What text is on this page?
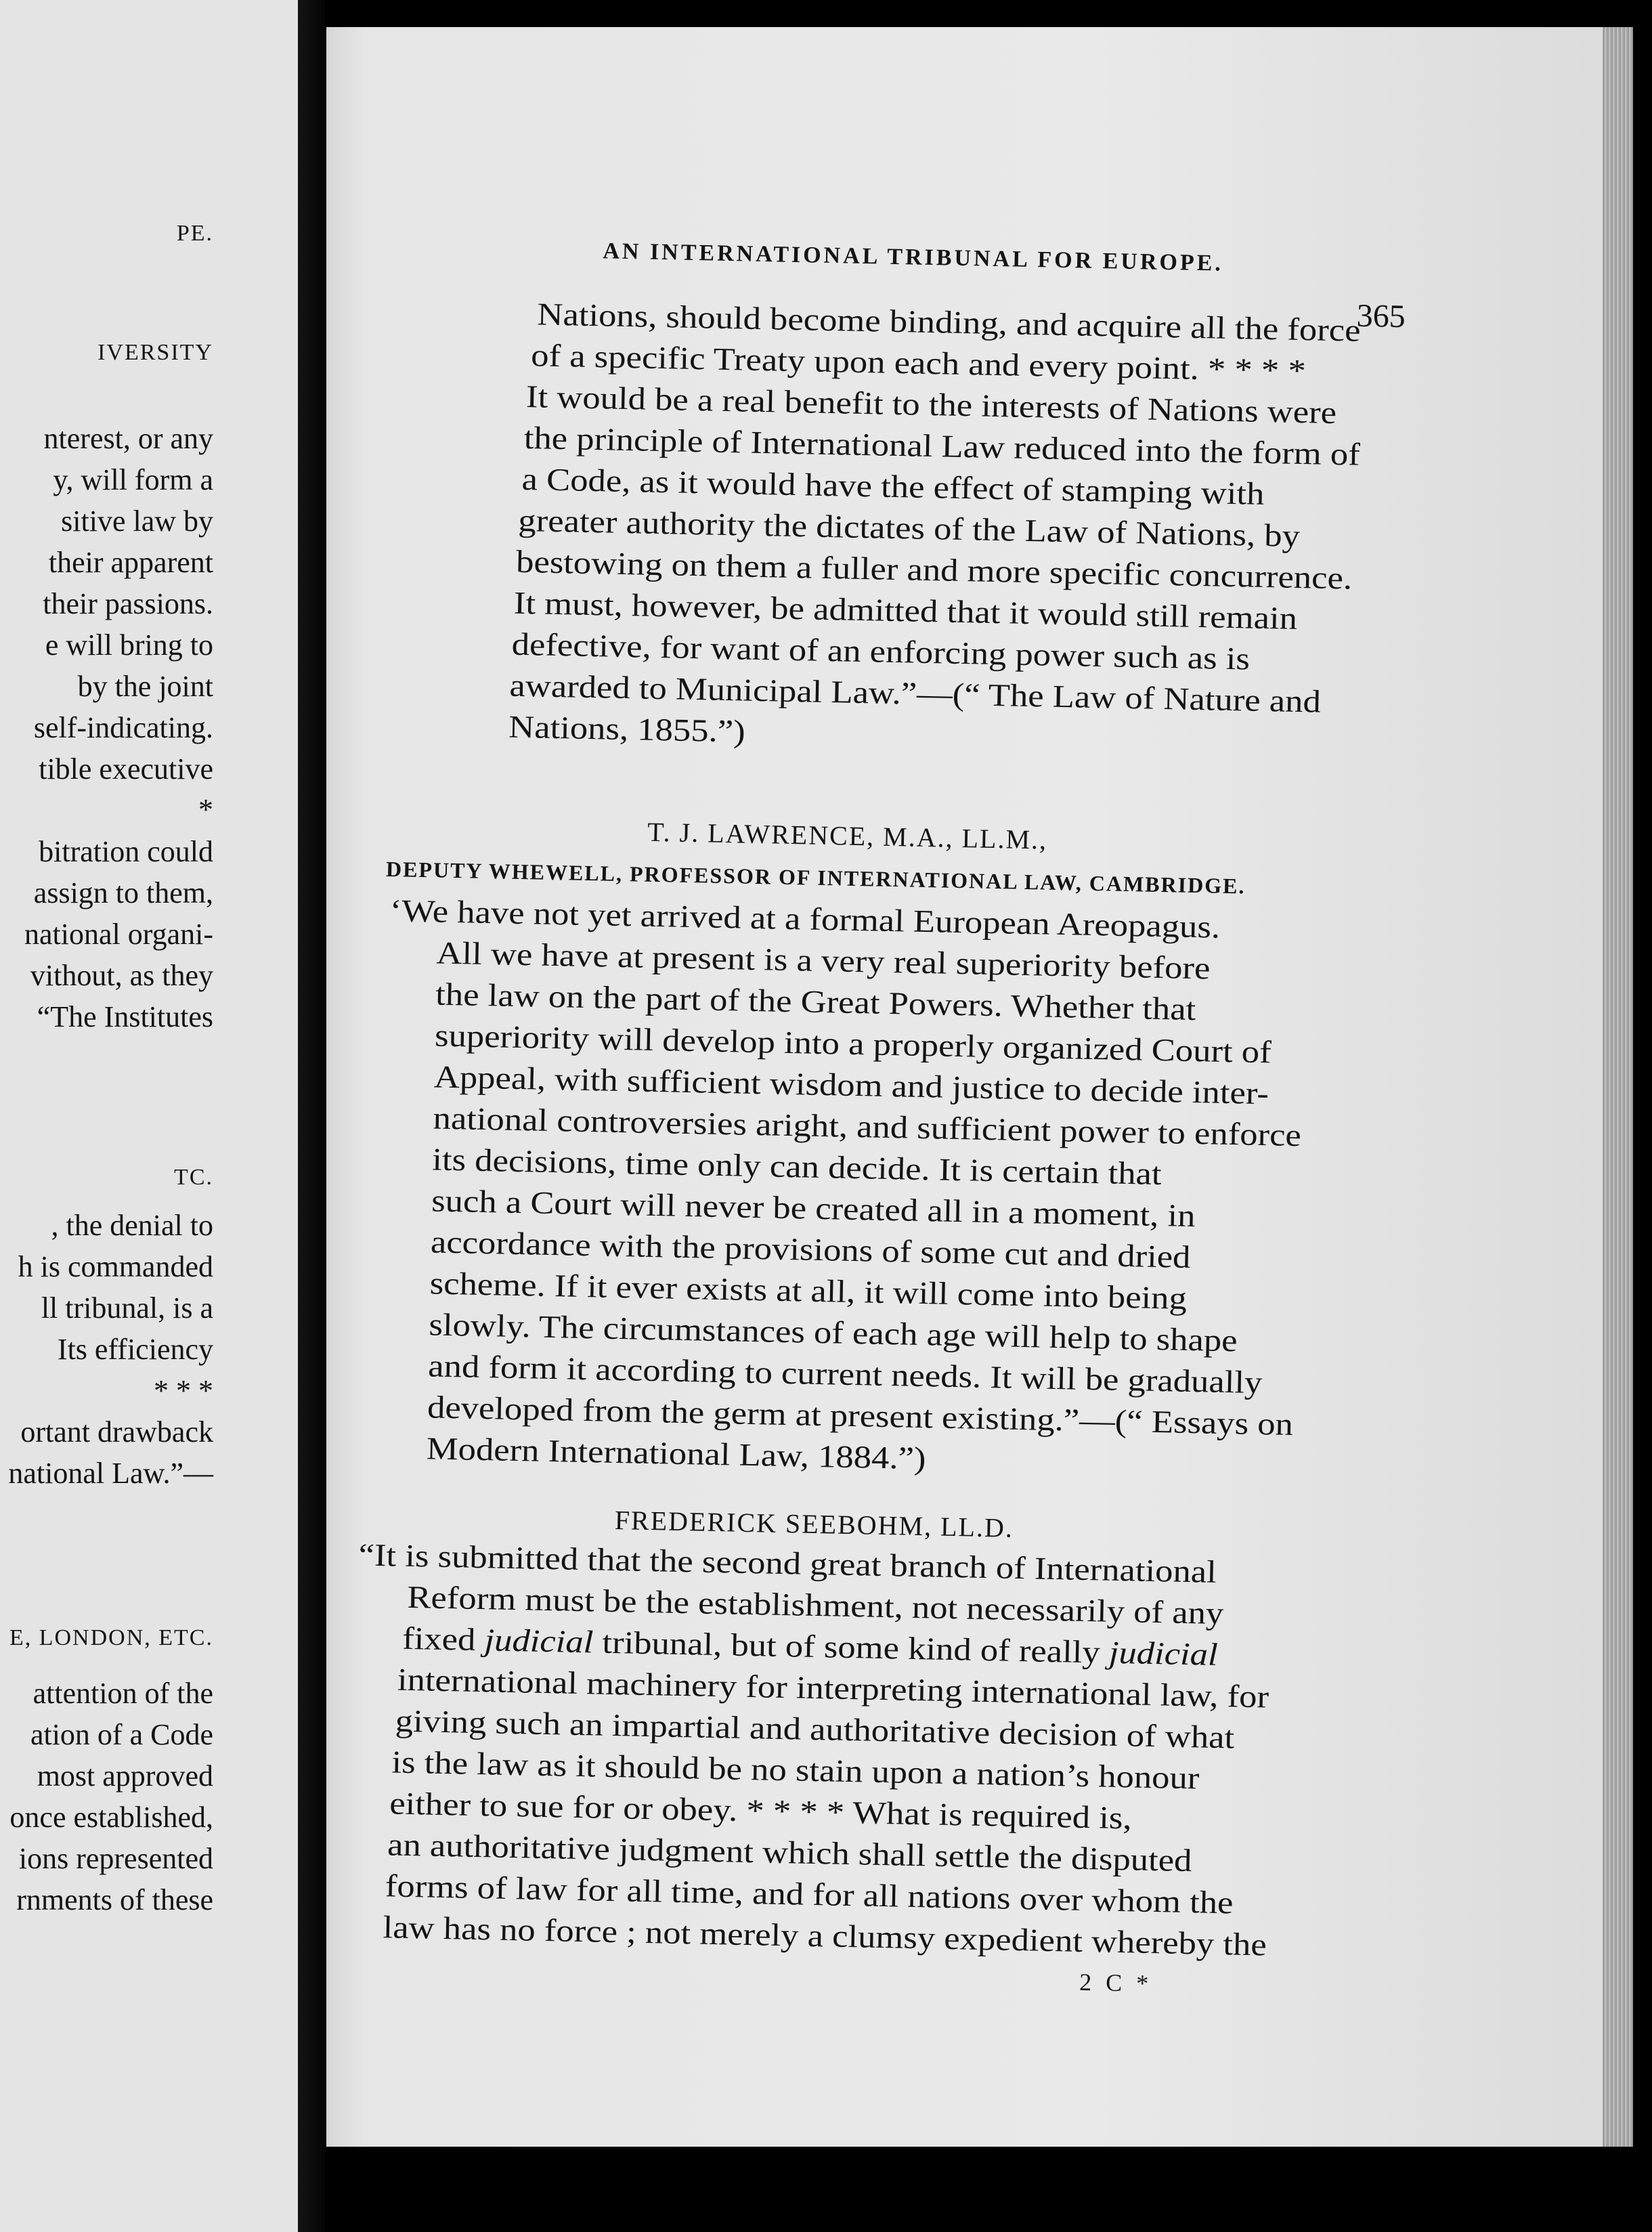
PE.
IVERSITY
nterest, or any
y, will form a
sitive law by
their apparent
their passions.
e will bring to
by the joint
self-indicating.
tible executive
*
bitration could
assign to them,
national organi-
vithout, as they
“The Institutes
TC.
, the denial to
h is commanded
ll tribunal, is a
Its efficiency
* * *
ortant drawback
national Law.”—
E, LONDON, ETC.
attention of the
ation of a Code
most approved
once established,
ions represented
rnments of these
AN INTERNATIONAL TRIBUNAL FOR EUROPE.
365
Nations, should become binding, and acquire all the force
of a specific Treaty upon each and every point. * * * *
It would be a real benefit to the interests of Nations were
the principle of International Law reduced into the form of
a Code, as it would have the effect of stamping with
greater authority the dictates of the Law of Nations, by
bestowing on them a fuller and more specific concurrence.
It must, however, be admitted that it would still remain
defective, for want of an enforcing power such as is
awarded to Municipal Law.”—(“ The Law of Nature and
Nations, 1855.”)
T. J. LAWRENCE, M.A., LL.M.,
DEPUTY WHEWELL, PROFESSOR OF INTERNATIONAL LAW, CAMBRIDGE.
‘We have not yet arrived at a formal European Areopagus.
All we have at present is a very real superiority before
the law on the part of the Great Powers. Whether that
superiority will develop into a properly organized Court of
Appeal, with sufficient wisdom and justice to decide inter-
national controversies aright, and sufficient power to enforce
its decisions, time only can decide. It is certain that
such a Court will never be created all in a moment, in
accordance with the provisions of some cut and dried
scheme. If it ever exists at all, it will come into being
slowly. The circumstances of each age will help to shape
and form it according to current needs. It will be gradually
developed from the germ at present existing.”—(“ Essays on
Modern International Law, 1884.”)
FREDERICK SEEBOHM, LL.D.
“It is submitted that the second great branch of International
Reform must be the establishment, not necessarily of any
fixed judicial tribunal, but of some kind of really judicial
international machinery for interpreting international law, for
giving such an impartial and authoritative decision of what
is the law as it should be no stain upon a nation’s honour
either to sue for or obey. * * * * What is required is,
an authoritative judgment which shall settle the disputed
forms of law for all time, and for all nations over whom the
law has no force ; not merely a clumsy expedient whereby the
2 C *
